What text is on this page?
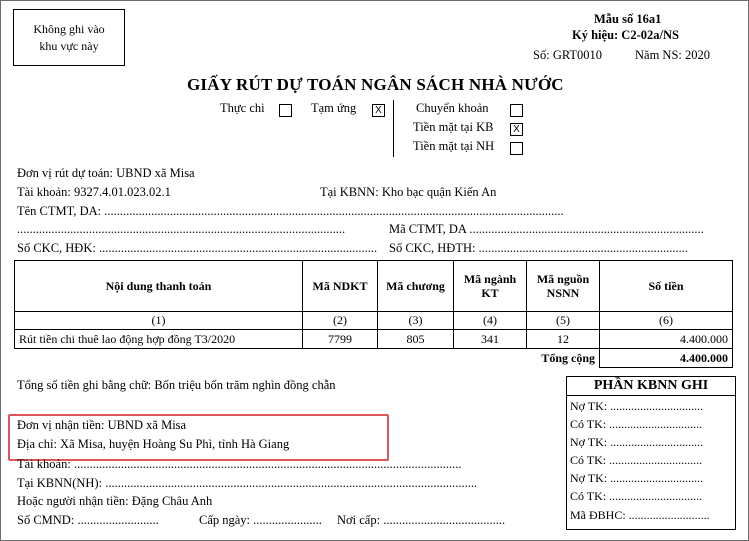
Không ghi vào
khu vực này
Mẫu số 16a1
Ký hiệu: C2-02a/NS
Số: GRT0010	Năm NS: 2020
GIẤY RÚT DỰ TOÁN NGÂN SÁCH NHÀ NƯỚC
Thực chi	Tạm ứng	X	Chuyển khoản
Tiền mặt tại KB	X
Tiền mặt tại NH
Đơn vị rút dự toán: UBND xã Misa
Tài khoản: 9327.4.01.023.02.1	Tại KBNN: Kho bạc quận Kiến An
Tên CTMT, DA: ...................................................................................................................................................
.........................................................................................................	Mã CTMT, DA ...........................................................................
Số CKC, HĐK: ......................................................................................... Số CKC, HĐTH: ...................................................................
Nội dung thanh toán	Mã NDKT	Mã chương	Mã ngành KT	Mã nguồn NSNN	Số tiền
(1)	(2)	(3)	(4)	(5)	(6)
Rút tiền chi thuê lao động hợp đồng T3/2020	7799	805	341	12	4.400.000
Tổng cộng					4.400.000
Tổng số tiền ghi bằng chữ: Bốn triệu bốn trăm nghìn đồng chẵn
Đơn vị nhận tiền: UBND xã Misa
Địa chỉ: Xã Misa, huyện Hoàng Su Phì, tỉnh Hà Giang
Tài khoản: ............................................................................................................................
Tại KBNN(NH): .......................................................................................................................
Hoặc người nhận tiền: Đặng Châu Anh
Số CMND: ..........................	Cấp ngày: ...................... Nơi cấp: .......................................
PHẦN KBNN GHI
Nợ TK: ...............................
Có TK: ...............................
Nợ TK: ...............................
Có TK: ...............................
Nợ TK: ...............................
Có TK: ...............................
Mã ĐBHC: ...........................
